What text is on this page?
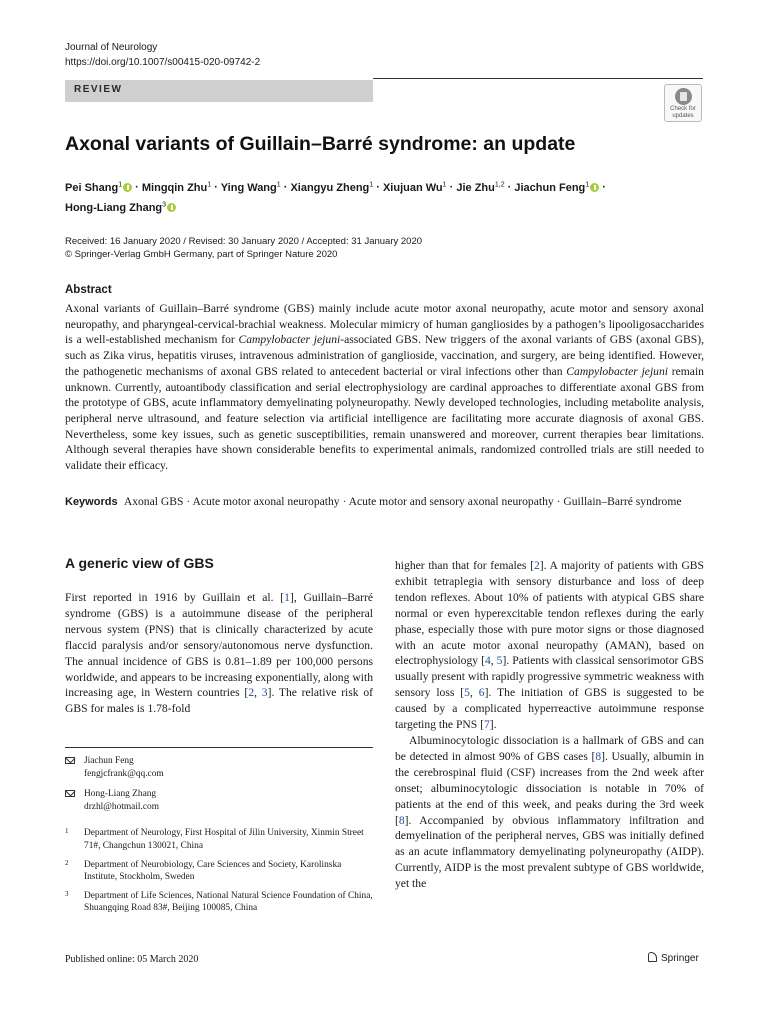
Journal of Neurology
https://doi.org/10.1007/s00415-020-09742-2
REVIEW
Check for
updates
Axonal variants of Guillain–Barré syndrome: an update
Pei Shang$^1$ · Mingqin Zhu$^1$ · Ying Wang$^1$ · Xiangyu Zheng$^1$ · Xiujuan $Wu^1$ · Jie Zhu$^{1,2}$ · Jiachun Feng$^1$ ·
Hong-Liang Zhang$^3$
Received: 16 January 2020 / Revised: 30 January 2020 / Accepted: 31 January 2020
© Springer-Verlag GmbH Germany, part of Springer Nature 2020
Abstract
Axonal variants of Guillain–Barré syndrome (GBS) mainly include acute motor axonal neuropathy, acute motor and sensory axonal neuropathy, and pharyngeal-cervical-brachial weakness. Molecular mimicry of human gangliosides by a pathogen’s lipooligosaccharides is a well-established mechanism for Campylobacter jejuni-associated GBS. New triggers of the axonal variants of GBS (axonal GBS), such as Zika virus, hepatitis viruses, intravenous administration of ganglioside, vaccination, and surgery, are being identified. However, the pathogenetic mechanisms of axonal GBS related to antecedent bacterial or viral infections other than Campylobacter jejuni remain unknown. Currently, autoantibody classification and serial electrophysiology are cardinal approaches to differentiate axonal GBS from the prototype of GBS, acute inflammatory demyelinating polyneuropathy. Newly developed technologies, including metabolite analysis, peripheral nerve ultrasound, and feature selection via artificial intelligence are facilitating more accurate diagnosis of axonal GBS. Nevertheless, some key issues, such as genetic susceptibilities, remain unanswered and moreover, current therapies bear limitations. Although several therapies have shown considerable benefits to experimental animals, randomized controlled trials are still needed to validate their efficacy.
Keywords Axonal GBS · Acute motor axonal neuropathy · Acute motor and sensory axonal neuropathy · Guillain–Barré syndrome
A generic view of GBS
First reported in 1916 by Guillain et al. [1], Guillain–Barré syndrome (GBS) is a autoimmune disease of the peripheral nervous system (PNS) that is clinically characterized by acute flaccid paralysis and/or sensory/autonomous nerve dysfunction. The annual incidence of GBS is 0.81–1.89 per 100,000 persons worldwide, and appears to be increasing exponentially, along with increasing age, in Western countries [2, 3]. The relative risk of GBS for males is 1.78-fold

higher than that for females [2]. A majority of patients with GBS exhibit tetraplegia with sensory disturbance and loss of deep tendon reflexes. About 10% of patients with atypical GBS share normal or even hyperexcitable tendon reflexes during the early phase, especially those with pure motor signs or those diagnosed with an acute motor axonal neuropathy (AMAN), based on electrophysiology [4, 5]. Patients with classical sensorimotor GBS usually present with rapidly progressive symmetric weakness with sensory loss [5, 6]. The initiation of GBS is suggested to be caused by a complicated hyperreactive autoimmune response targeting the PNS [7].

Albuminocytologic dissociation is a hallmark of GBS and can be detected in almost 90% of GBS cases [8]. Usually, albumin in the cerebrospinal fluid (CSF) increases from the 2nd week after onset; albuminocytologic dissociation is notable in 70% of patients at the end of this week, and peaks during the 3rd week [8]. Accompanied by obvious inflammatory infiltration and demyelination of the peripheral nerves, GBS was initially defined as an acute inflammatory demyelinating polyneuropathy (AIDP). Currently, AIDP is the most prevalent subtype of GBS worldwide, yet the

Jiachun Feng
fengjcfrank@qq.com
Hong-Liang Zhang
drzhl@hotmail.com
1 Department of Neurology, First Hospital of Jilin University, Xinmin Street 71#, Changchun 130021, China
2 Department of Neurobiology, Care Sciences and Society, Karolinska Institute, Stockholm, Sweden
3 Department of Life Sciences, National Natural Science Foundation of China, Shuangqing Road 83#, Beijing 100085, China
Published online: 05 March 2020	Springer
